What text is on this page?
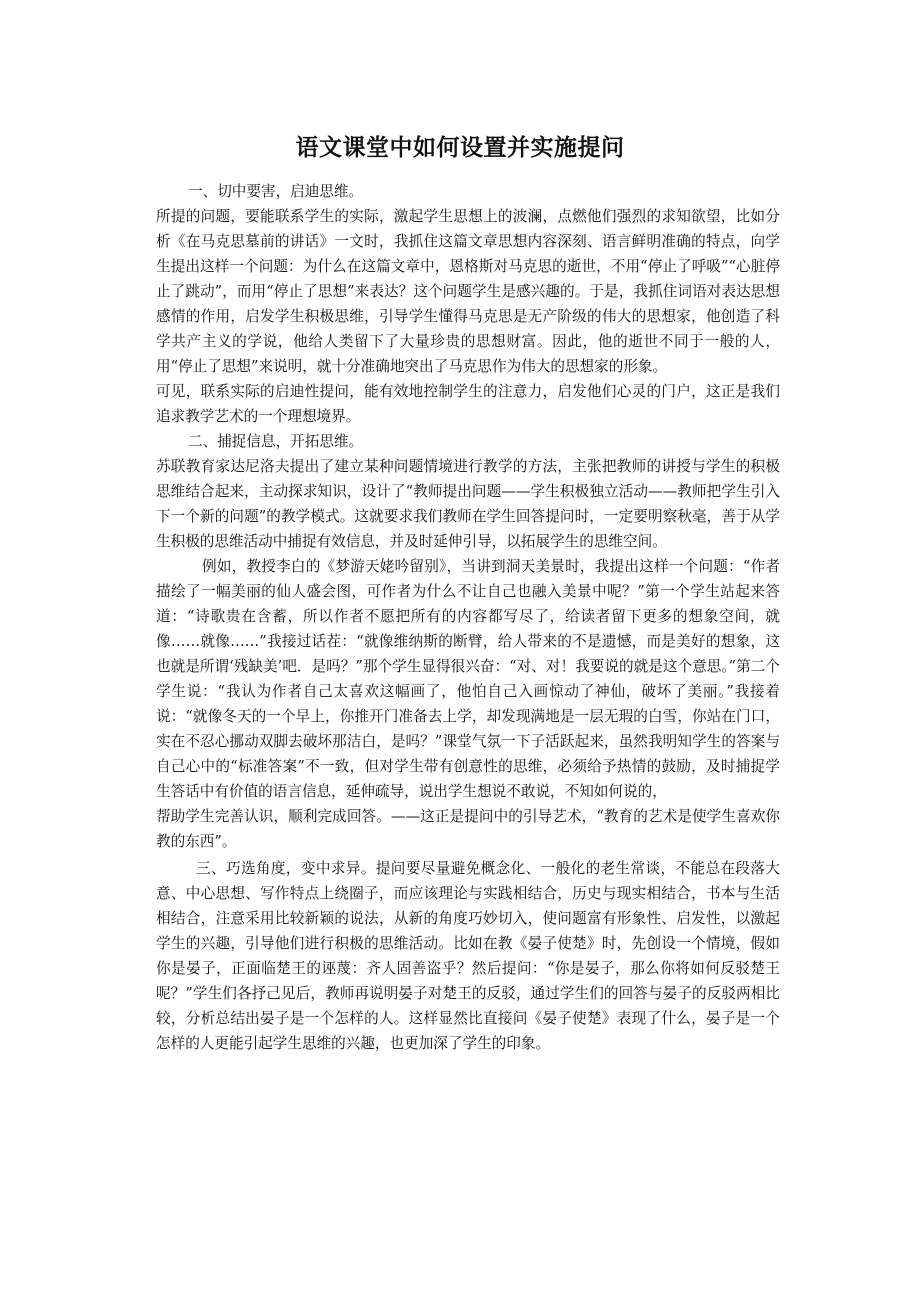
语文课堂中如何设置并实施提问

一、切中要害，启迪思维。

所提的问题，要能联系学生的实际，激起学生思想上的波澜，点燃他们强烈的求知欲望，比如分析《在马克思墓前的讲话》一文时，我抓住这篇文章思想内容深刻、语言鲜明准确的特点，向学生提出这样一个问题：为什么在这篇文章中，恩格斯对马克思的逝世，不用“停止了呼吸”“心脏停止了跳动”，而用“停止了思想”来表达？这个问题学生是感兴趣的。于是，我抓住词语对表达思想感情的作用，启发学生积极思维，引导学生懂得马克思是无产阶级的伟大的思想家，他创造了科学共产主义的学说，他给人类留下了大量珍贵的思想财富。因此，他的逝世不同于一般的人，用“停止了思想”来说明，就十分准确地突出了马克思作为伟大的思想家的形象。

可见，联系实际的启迪性提问，能有效地控制学生的注意力，启发他们心灵的门户，这正是我们追求教学艺术的一个理想境界。

二、捕捉信息，开拓思维。

苏联教育家达尼洛夫提出了建立某种问题情境进行教学的方法，主张把教师的讲授与学生的积极思维结合起来，主动探求知识，设计了“教师提出问题——学生积极独立活动——教师把学生引入下一个新的问题”的教学模式。这就要求我们教师在学生回答提问时，一定要明察秋毫，善于从学生积极的思维活动中捕捉有效信息，并及时延伸引导，以拓展学生的思维空间。

例如，教授李白的《梦游天姥吟留别》，当讲到洞天美景时，我提出这样一个问题：“作者描绘了一幅美丽的仙人盛会图，可作者为什么不让自己也融入美景中呢？”第一个学生站起来答道：“诗歌贵在含蓄，所以作者不愿把所有的内容都写尽了，给读者留下更多的想象空间，就像……就像……”我接过话茬：“就像维纳斯的断臂，给人带来的不是遗憾，而是美好的想象，这也就是所谓‘残缺美’吧．是吗？”那个学生显得很兴奋：“对、对！我要说的就是这个意思。”第二个学生说：“我认为作者自己太喜欢这幅画了，他怕自己入画惊动了神仙，破坏了美丽。”我接着说：“就像冬天的一个早上，你推开门准备去上学，却发现满地是一层无瑕的白雪，你站在门口，实在不忍心挪动双脚去破坏那洁白，是吗？”课堂气氛一下子活跃起来，虽然我明知学生的答案与自己心中的“标准答案”不一致，但对学生带有创意性的思维，必须给予热情的鼓励，及时捕捉学生答话中有价值的语言信息，延伸疏导，说出学生想说不敢说，不知如何说的，

帮助学生完善认识，顺利完成回答。——这正是提问中的引导艺术，“教育的艺术是使学生喜欢你教的东西”。

三、巧选角度，变中求异。提问要尽量避免概念化、一般化的老生常谈，不能总在段落大意、中心思想、写作特点上绕圈子，而应该理论与实践相结合，历史与现实相结合，书本与生活相结合，注意采用比较新颖的说法，从新的角度巧妙切入，使问题富有形象性、启发性，以激起学生的兴趣，引导他们进行积极的思维活动。比如在教《晏子使楚》时，先创设一个情境，假如你是晏子，正面临楚王的诬蔑：齐人固善盗乎？然后提问：“你是晏子，那么你将如何反驳楚王呢？”学生们各抒己见后，教师再说明晏子对楚王的反驳，通过学生们的回答与晏子的反驳两相比较，分析总结出晏子是一个怎样的人。这样显然比直接问《晏子使楚》表现了什么，晏子是一个怎样的人更能引起学生思维的兴趣，也更加深了学生的印象。
